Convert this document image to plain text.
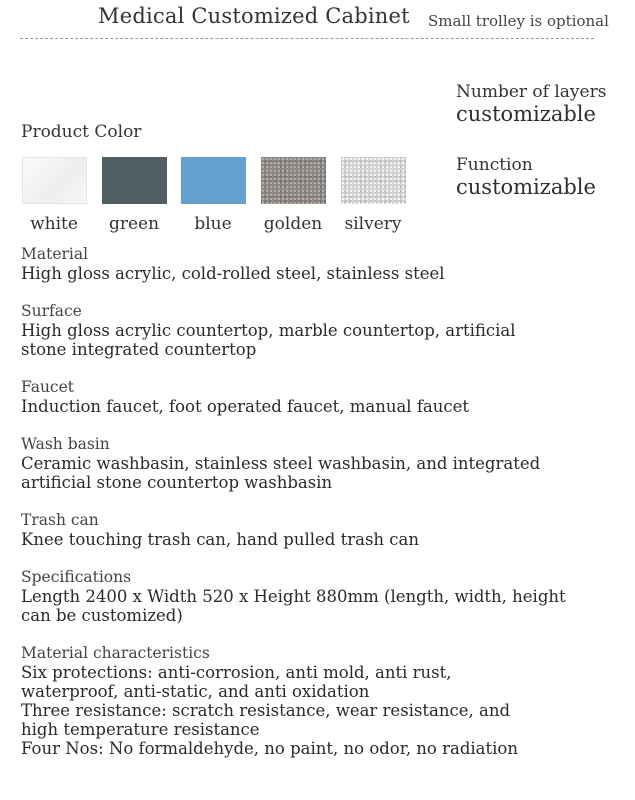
Medical Customized Cabinet Small trolley is optional
Number of layers
customizable
Function
customizable
Product Color
white	green	blue	golden	silvery
Material
High gloss acrylic, cold-rolled steel, stainless steel
Surface
High gloss acrylic countertop, marble countertop, artificial stone integrated countertop
Faucet
Induction faucet, foot operated faucet, manual faucet
Wash basin
Ceramic washbasin, stainless steel washbasin, and integrated artificial stone countertop washbasin
Trash can
Knee touching trash can, hand pulled trash can
Specifications
Length 2400 x Width 520 x Height 880mm (length, width, height can be customized)
Material characteristics
Six protections: anti-corrosion, anti mold, anti rust, waterproof, anti-static, and anti oxidation
Three resistance: scratch resistance, wear resistance, and high temperature resistance
Four Nos: No formaldehyde, no paint, no odor, no radiation
